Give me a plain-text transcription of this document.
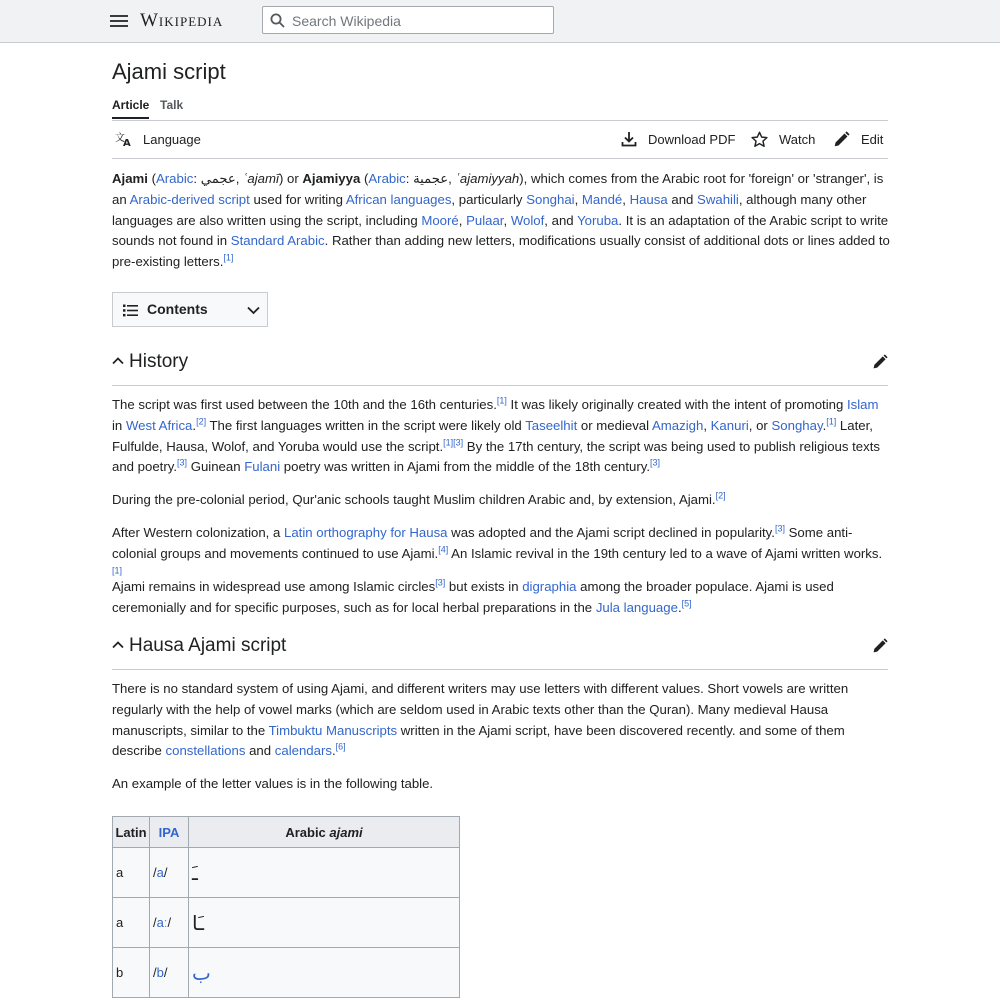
Wikipedia
Search Wikipedia
Ajami script
Article Talk
文
A Language	Download PDF	Watch	Edit

Ajami (Arabic: عجمي, ʿajamī) or Ajamiyya (Arabic: عجمية, ʿajamiyyah), which comes from the Arabic root for 'foreign' or 'stranger', is an Arabic-derived script used for writing African languages, particularly Songhai, Mandé, Hausa and Swahili, although many other languages are also written using the script, including Mooré, Pulaar, Wolof, and Yoruba. It is an adaptation of the Arabic script to write sounds not found in Standard Arabic. Rather than adding new letters, modifications usually consist of additional dots or lines added to pre-existing letters.[1]

Contents
History

The script was first used between the 10th and the 16th centuries.[1] It was likely originally created with the intent of promoting Islam in West Africa.[2] The first languages written in the script were likely old Taseelhit or medieval Amazigh, Kanuri, or Songhay.[1] Later, Fulfulde, Hausa, Wolof, and Yoruba would use the script.[1][3] By the 17th century, the script was being used to publish religious texts and poetry.[3] Guinean Fulani poetry was written in Ajami from the middle of the 18th century.[3]

During the pre-colonial period, Qur'anic schools taught Muslim children Arabic and, by extension, Ajami.[2]

After Western colonization, a Latin orthography for Hausa was adopted and the Ajami script declined in popularity.[3] Some anti-colonial groups and movements continued to use Ajami.[4] An Islamic revival in the 19th century led to a wave of Ajami written works.[1]

Ajami remains in widespread use among Islamic circles[3] but exists in digraphia among the broader populace. Ajami is used ceremonially and for specific purposes, such as for local herbal preparations in the Jula language.[5]

Hausa Ajami script

There is no standard system of using Ajami, and different writers may use letters with different values. Short vowels are written regularly with the help of vowel marks (which are seldom used in Arabic texts other than the Quran). Many medieval Hausa manuscripts, similar to the Timbuktu Manuscripts written in the Ajami script, have been discovered recently. and some of them describe constellations and calendars.[6]

An example of the letter values is in the following table.

Latin	IPA	Arabic ajami
a	/a/	ـَ
a	/aː/	ـَا
b	/b/	ب
